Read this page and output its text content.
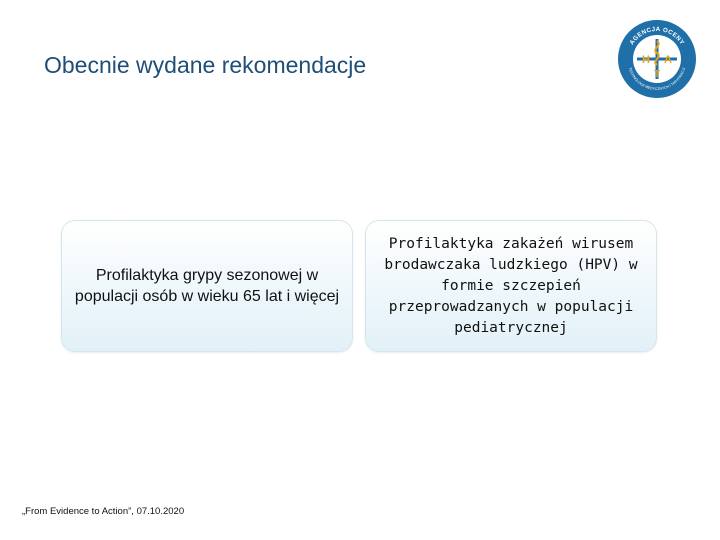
Obecnie wydane rekomendacje
AGENCJA OCENY
TECHNOLOGII MEDYCZNYCH I TARYFIKACJI
H A
T
Profilaktyka grypy sezonowej w populacji osób w wieku 65 lat i więcej
Profilaktyka zakażeń wirusem brodawczaka ludzkiego (HPV) w formie szczepień przeprowadzanych w populacji pediatrycznej
„From Evidence to Action”, 07.10.2020
